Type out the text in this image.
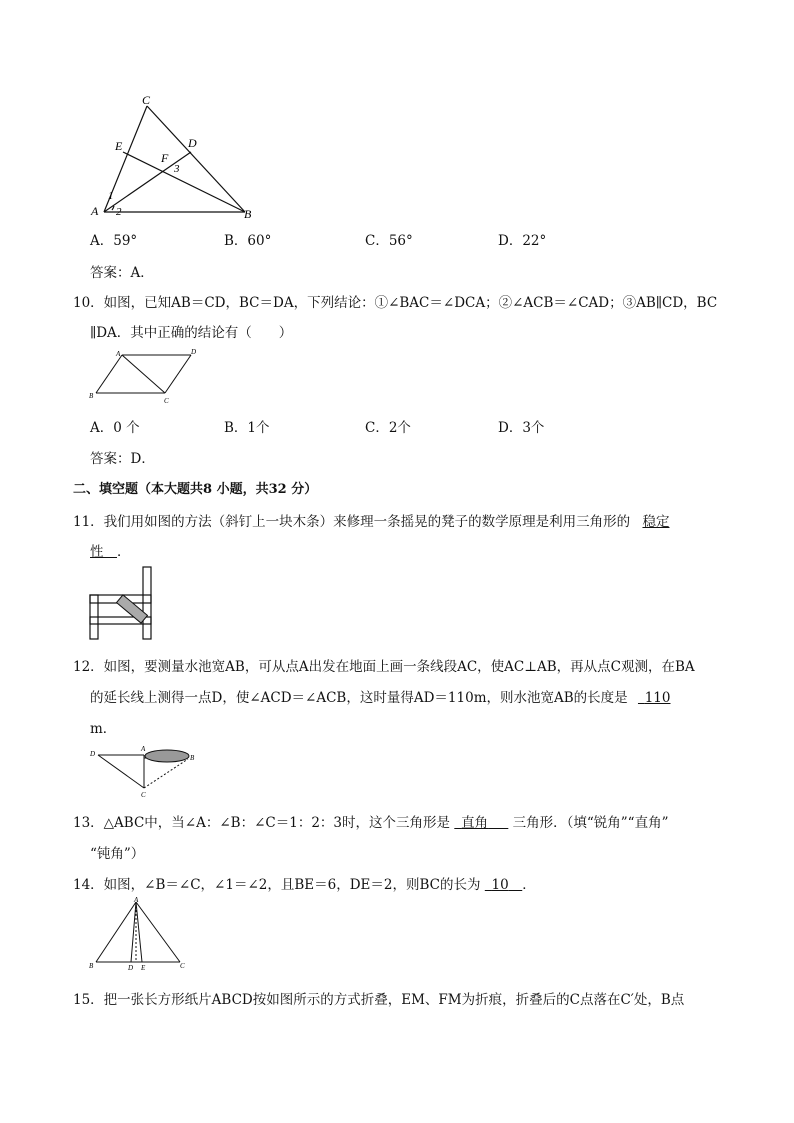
C
E	D
F
3
1
A 2	B
A．59°	B．60°	C．56°	D．22°
答案：A．
10．如图，已知AB＝CD，BC＝DA，下列结论：①∠BAC＝∠DCA；②∠ACB＝∠CAD；③AB∥CD，BC
∥DA．其中正确的结论有（　　）
A	D
B
C
A．0 个	B．1个	C．2个	D．3个
答案：D．
二、填空题（本大题共8 小题，共32 分）
11．我们用如图的方法（斜钉上一块木条）来修理一条摇晃的凳子的数学原理是利用三角形的 稳定
性   ．
12．如图，要测量水池宽AB，可从点A出发在地面上画一条线段AC，使AC⊥AB，再从点C观测，在BA
的延长线上测得一点D，使∠ACD＝∠ACB，这时量得AD＝110m，则水池宽AB的长度是   110
m．
D
A
B
C
13．△ABC中，当∠A：∠B：∠C＝1：2：3时，这个三角形是   直角    三角形．（填“锐角”“直角”
“钝角”）
14．如图，∠B＝∠C，∠1＝∠2，且BE＝6，DE＝2，则BC的长为   10   ．
A
B	D E	C
15．把一张长方形纸片ABCD按如图所示的方式折叠，EM、FM为折痕，折叠后的C点落在C′处，B点
